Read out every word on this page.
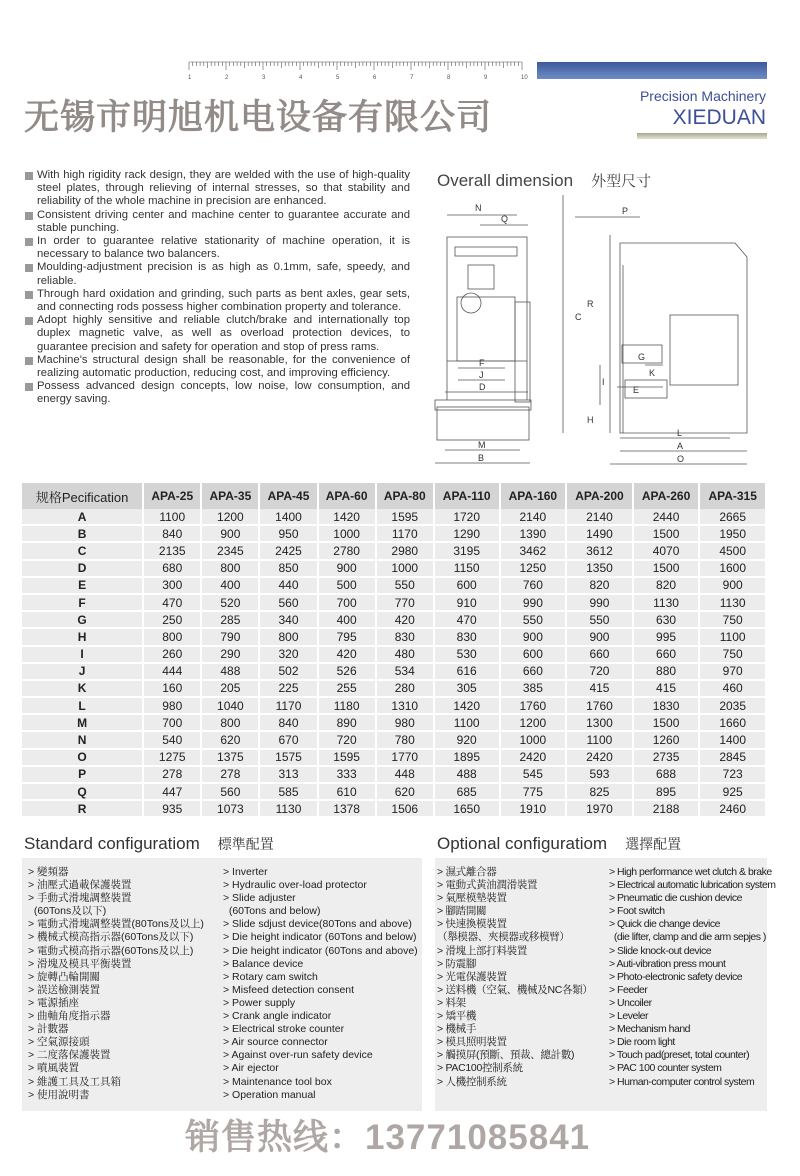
1	2	3	4	5	6	7	8	9	10
Precision Machinery
XIEDUAN
无锡市明旭机电设备有限公司
With high rigidity rack design, they are welded with the use of high-quality steel plates, through relieving of internal stresses, so that stability and reliability of the whole machine in precision are enhanced.
Consistent driving center and machine center to guarantee accurate and stable punching.
In order to guarantee relative stationarity of machine operation, it is necessary to balance two balancers.
Moulding-adjustment precision is as high as 0.1mm, safe, speedy, and reliable.
Through hard oxidation and grinding, such parts as bent axles, gear sets, and connecting rods possess higher combination property and tolerance.
Adopt highly sensitive and reliable clutch/brake and internationally top duplex magnetic valve, as well as overload protection devices, to guarantee precision and safety for operation and stop of press rams.
Machine's structural design shall be reasonable, for the convenience of realizing automatic production, reducing cost, and improving efficiency.
Possess advanced design concepts, low noise, low consumption, and energy saving.
Overall dimension 外型尺寸
N
Q
F
J
D
M
B
P
C
R
G
K
E
I
H
L
A
O
规格Pecification	APA-25	APA-35	APA-45	APA-60	APA-80	APA-110	APA-160	APA-200	APA-260	APA-315
A	1100	1200	1400	1420	1595	1720	2140	2140	2440	2665
B	840	900	950	1000	1170	1290	1390	1490	1500	1950
C	2135	2345	2425	2780	2980	3195	3462	3612	4070	4500
D	680	800	850	900	1000	1150	1250	1350	1500	1600
E	300	400	440	500	550	600	760	820	820	900
F	470	520	560	700	770	910	990	990	1130	1130
G	250	285	340	400	420	470	550	550	630	750
H	800	790	800	795	830	830	900	900	995	1100
I	260	290	320	420	480	530	600	660	660	750
J	444	488	502	526	534	616	660	720	880	970
K	160	205	225	255	280	305	385	415	415	460
L	980	1040	1170	1180	1310	1420	1760	1760	1830	2035
M	700	800	840	890	980	1100	1200	1300	1500	1660
N	540	620	670	720	780	920	1000	1100	1260	1400
O	1275	1375	1575	1595	1770	1895	2420	2420	2735	2845
P	278	278	313	333	448	488	545	593	688	723
Q	447	560	585	610	620	685	775	825	895	925
R	935	1073	1130	1378	1506	1650	1910	1970	2188	2460
Standard configuratiom 標準配置	Optional configuratiom 選擇配置
> 變頻器
> 油壓式過載保護裝置
> 手動式滑塊調整裝置
(60Tons及以下)
> 電動式滑塊調整裝置(80Tons及以上)
> 機械式模高指示器(60Tons及以下)
> 電動式模高指示器(60Tons及以上)
> 滑塊及模具平衡裝置
> 旋轉凸輪開關
> 誤送檢測裝置
> 電源插座
> 曲軸角度指示器
> 計數器
> 空氣源接頭
> 二度落保護裝置
> 噴風裝置
> 維護工具及工具箱
> 使用說明書
> Inverter
> Hydraulic over-load protector
> Slide adjuster
(60Tons and below)
> Slide sdjust device(80Tons and above)
> Die height indicator (60Tons and below)
> Die height indicator (60Tons and above)
> Balance device
> Rotary cam switch
> Misfeed detection consent
> Power supply
> Crank angle indicator
> Electrical stroke counter
> Air source connector
> Against over-run safety device
> Air ejector
> Maintenance tool box
> Operation manual
> 濕式離合器
> 電動式黃油潤滑裝置
> 氣壓模墊裝置
> 腳踏開關
> 快速換模裝置
（舉模器、夾模器或移模臂）
> 滑塊上部打料裝置
> 防震腳
> 光電保護裝置
> 送料機（空氣、機械及NC各類）
> 料架
> 矯平機
> 機械手
> 模具照明裝置
> 觸摸屏(預斷、預裁、總計數)
> PAC100控制系統
> 人機控制系統
> High performance wet clutch & brake
> Electrical automatic lubrication system
> Pneumatic die cushion device
> Foot switch
> Quick die change device
(die lifter, clamp and die arm sepjes )
> Slide knock-out device
> Auti-vibration press mount
> Photo-electronic safety device
> Feeder
> Uncoiler
> Leveler
> Mechanism hand
> Die room light
> Touch pad(preset, total counter)
> PAC 100 counter system
> Human-computer control system
销售热线：13771085841
